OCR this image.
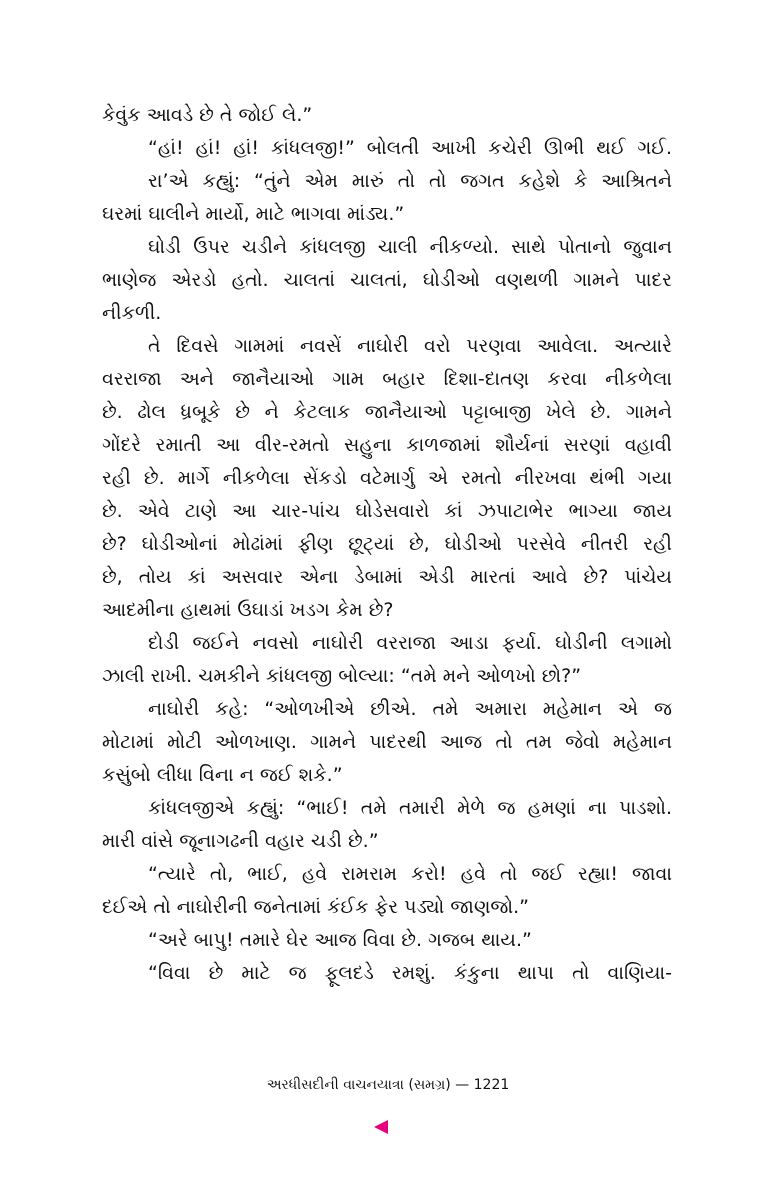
કેવુંક આવડે છે તે જોઈ લે.”
“હાં! હાં! હાં! કાંધલજી!” બોલતી આખી કચેરી ઊભી થઈ ગઈ.
રા’એ કહ્યું: “તુંને એમ મારું તો તો જગત કહેશે કે આશ્રિતને
ઘરમાં ઘાલીને માર્યો, માટે ભાગવા માંડ્ય.”
ઘોડી ઉપર ચડીને કાંધલજી ચાલી નીકળ્યો. સાથે પોતાનો જુવાન
ભાણેજ એરડો હતો. ચાલતાં ચાલતાં, ઘોડીઓ વણથળી ગામને પાદર
નીકળી.
તે દિવસે ગામમાં નવસેં નાઘોરી વરો પરણવા આવેલા. અત્યારે
વરરાજા અને જાનૈયાઓ ગામ બહાર દિશા-દાતણ કરવા નીકળેલા
છે. ઢોલ ધ્રબૂકે છે ને કેટલાક જાનૈયાઓ પટ્ટાબાજી ખેલે છે. ગામને
ગોંદરે રમાતી આ વીર-રમતો સહુના કાળજામાં શૌર્યનાં સરણાં વહાવી
રહી છે. માર્ગે નીકળેલા સેંકડો વટેમાર્ગુ એ રમતો નીરખવા થંભી ગયા
છે. એવે ટાણે આ ચાર-પાંચ ઘોડેસવારો કાં ઝપાટાભેર ભાગ્યા જાય
છે? ઘોડીઓનાં મોઢાંમાં ફીણ છૂટ્યાં છે, ઘોડીઓ પરસેવે નીતરી રહી
છે, તોય કાં અસવાર એના ડેબામાં એડી મારતાં આવે છે? પાંચેય
આદમીના હાથમાં ઉઘાડાં ખડગ કેમ છે?
દોડી જઈને નવસો નાઘોરી વરરાજા આડા ફર્યા. ઘોડીની લગામો
ઝાલી રાખી. ચમકીને કાંધલજી બોલ્યા: “તમે મને ઓળખો છો?”
નાઘોરી કહે: “ઓળખીએ છીએ. તમે અમારા મહેમાન એ જ
મોટામાં મોટી ઓળખાણ. ગામને પાદરથી આજ તો તમ જેવો મહેમાન
કસુંબો લીધા વિના ન જઈ શકે.”
કાંધલજીએ કહ્યું: “ભાઈ! તમે તમારી મેળે જ હમણાં ના પાડશો.
મારી વાંસે જૂનાગઢની વહાર ચડી છે.”
“ત્યારે તો, ભાઈ, હવે રામરામ કરો! હવે તો જઈ રહ્યા! જાવા
દઈએ તો નાઘોરીની જનેતામાં કંઈક ફેર પડ્યો જાણજો.”
“અરે બાપુ! તમારે ઘેર આજ વિવા છે. ગજબ થાય.”
“વિવા છે માટે જ ફૂલદડે રમશું. કંકુના થાપા તો વાણિયા-
અરધીસદીની વાચનયાત્રા (સમગ્ર) — 1221
